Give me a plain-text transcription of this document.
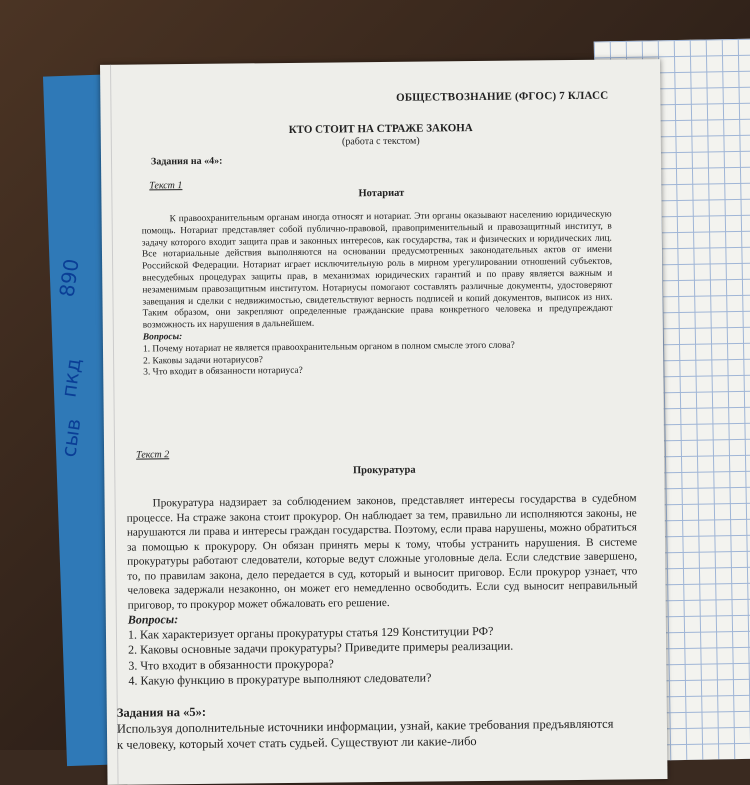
890
пкд
сыв
ОБЩЕСТВОЗНАНИЕ (ФГОС) 7 КЛАСС
КТО СТОИТ НА СТРАЖЕ ЗАКОНА
(работа с текстом)
Задания на «4»:
Текст 1
Нотариат

К правоохранительным органам иногда относят и нотариат. Эти органы оказывают населению юридическую помощь. Нотариат представляет собой публично-правовой, правоприменительный и правозащитный институт, в задачу которого входит защита прав и законных интересов, как государства, так и физических и юридических лиц. Все нотариальные действия выполняются на основании предусмотренных законодательных актов от имени Российской Федерации. Нотариат играет исключительную роль в мирном урегулировании отношений субъектов, внесудебных процедурах защиты прав, в механизмах юридических гарантий и по праву является важным и незаменимым правозащитным институтом. Нотариусы помогают составлять различные документы, удостоверяют завещания и сделки с недвижимостью, свидетельствуют верность подписей и копий документов, выписок из них. Таким образом, они закрепляют определенные гражданские права конкретного человека и предупреждают возможность их нарушения в дальнейшем.

Вопросы:

1. Почему нотариат не является правоохранительным органом в полном смысле этого слова?

2. Каковы задачи нотариусов?

3. Что входит в обязанности нотариуса?

Текст 2
Прокуратура

Прокуратура надзирает за соблюдением законов, представляет интересы государства в судебном процессе. На страже закона стоит прокурор. Он наблюдает за тем, правильно ли исполняются законы, не нарушаются ли права и интересы граждан государства. Поэтому, если права нарушены, можно обратиться за помощью к прокурору. Он обязан принять меры к тому, чтобы устранить нарушения. В системе прокуратуры работают следователи, которые ведут сложные уголовные дела. Если следствие завершено, то, по правилам закона, дело передается в суд, который и выносит приговор. Если прокурор узнает, что человека задержали незаконно, он может его немедленно освободить. Если суд выносит неправильный приговор, то прокурор может обжаловать его решение.

Вопросы:

1. Как характеризует органы прокуратуры статья 129 Конституции РФ?

2. Каковы основные задачи прокуратуры? Приведите примеры реализации.

3. Что входит в обязанности прокурора?

4. Какую функцию в прокуратуре выполняют следователи?

Задания на «5»:

Используя дополнительные источники информации, узнай, какие требования предъявляются

к человеку, который хочет стать судьей. Существуют ли какие-либо
